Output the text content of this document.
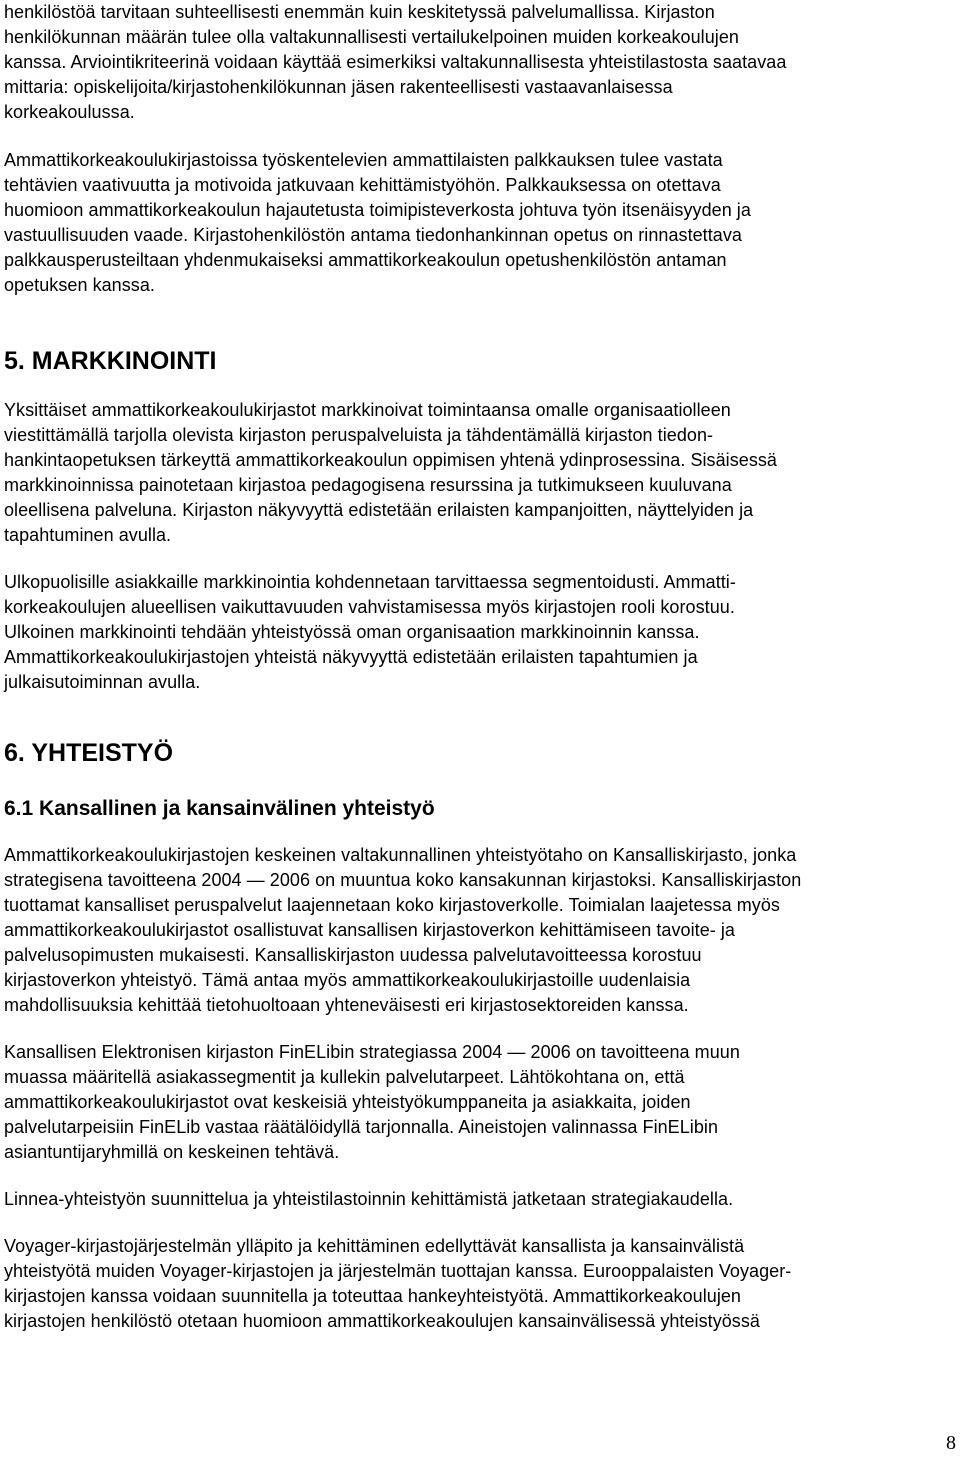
henkilöstöä tarvitaan suhteellisesti enemmän kuin keskitetyssä palvelumallissa. Kirjaston
henkilökunnan määrän tulee olla valtakunnallisesti vertailukelpoinen muiden korkeakoulujen
kanssa. Arviointikriteerinä voidaan käyttää esimerkiksi valtakunnallisesta yhteistilastosta saatavaa
mittaria: opiskelijoita/kirjastohenkilökunnan jäsen rakenteellisesti vastaavanlaisessa
korkeakoulussa.

Ammattikorkeakoulukirjastoissa työskentelevien ammattilaisten palkkauksen tulee vastata
tehtävien vaativuutta ja motivoida jatkuvaan kehittämistyöhön. Palkkauksessa on otettava
huomioon ammattikorkeakoulun hajautetusta toimipisteverkosta johtuva työn itsenäisyyden ja
vastuullisuuden vaade. Kirjastohenkilöstön antama tiedonhankinnan opetus on rinnastettava
palkkausperusteiltaan yhdenmukaiseksi ammattikorkeakoulun opetushenkilöstön antaman
opetuksen kanssa.

5. MARKKINOINTI

Yksittäiset ammattikorkeakoulukirjastot markkinoivat toimintaansa omalle organisaatiolleen
viestittämällä tarjolla olevista kirjaston peruspalveluista ja tähdentämällä kirjaston tiedon-
hankintaopetuksen tärkeyttä ammattikorkeakoulun oppimisen yhtenä ydinprosessina. Sisäisessä
markkinoinnissa painotetaan kirjastoa pedagogisena resurssina ja tutkimukseen kuuluvana
oleellisena palveluna. Kirjaston näkyvyyttä edistetään erilaisten kampanjoitten, näyttelyiden ja
tapahtuminen avulla.

Ulkopuolisille asiakkaille markkinointia kohdennetaan tarvittaessa segmentoidusti. Ammatti-
korkeakoulujen alueellisen vaikuttavuuden vahvistamisessa myös kirjastojen rooli korostuu.
Ulkoinen markkinointi tehdään yhteistyössä oman organisaation markkinoinnin kanssa.
Ammattikorkeakoulukirjastojen yhteistä näkyvyyttä edistetään erilaisten tapahtumien ja
julkaisutoiminnan avulla.

6. YHTEISTYÖ
6.1 Kansallinen ja kansainvälinen yhteistyö

Ammattikorkeakoulukirjastojen keskeinen valtakunnallinen yhteistyötaho on Kansalliskirjasto, jonka
strategisena tavoitteena 2004 — 2006 on muuntua koko kansakunnan kirjastoksi. Kansalliskirjaston
tuottamat kansalliset peruspalvelut laajennetaan koko kirjastoverkolle. Toimialan laajetessa myös
ammattikorkeakoulukirjastot osallistuvat kansallisen kirjastoverkon kehittämiseen tavoite- ja
palvelusopimusten mukaisesti. Kansalliskirjaston uudessa palvelutavoitteessa korostuu
kirjastoverkon yhteistyö. Tämä antaa myös ammattikorkeakoulukirjastoille uudenlaisia
mahdollisuuksia kehittää tietohuoltoaan yhteneväisesti eri kirjastosektoreiden kanssa.

Kansallisen Elektronisen kirjaston FinELibin strategiassa 2004 — 2006 on tavoitteena muun
muassa määritellä asiakassegmentit ja kullekin palvelutarpeet. Lähtökohtana on, että
ammattikorkeakoulukirjastot ovat keskeisiä yhteistyökumppaneita ja asiakkaita, joiden
palvelutarpeisiin FinELib vastaa räätälöidyllä tarjonnalla. Aineistojen valinnassa FinELibin
asiantuntijaryhmillä on keskeinen tehtävä.

Linnea-yhteistyön suunnittelua ja yhteistilastoinnin kehittämistä jatketaan strategiakaudella.

Voyager-kirjastojärjestelmän ylläpito ja kehittäminen edellyttävät kansallista ja kansainvälistä
yhteistyötä muiden Voyager-kirjastojen ja järjestelmän tuottajan kanssa. Eurooppalaisten Voyager-
kirjastojen kanssa voidaan suunnitella ja toteuttaa hankeyhteistyötä. Ammattikorkeakoulujen
kirjastojen henkilöstö otetaan huomioon ammattikorkeakoulujen kansainvälisessä yhteistyössä

8
